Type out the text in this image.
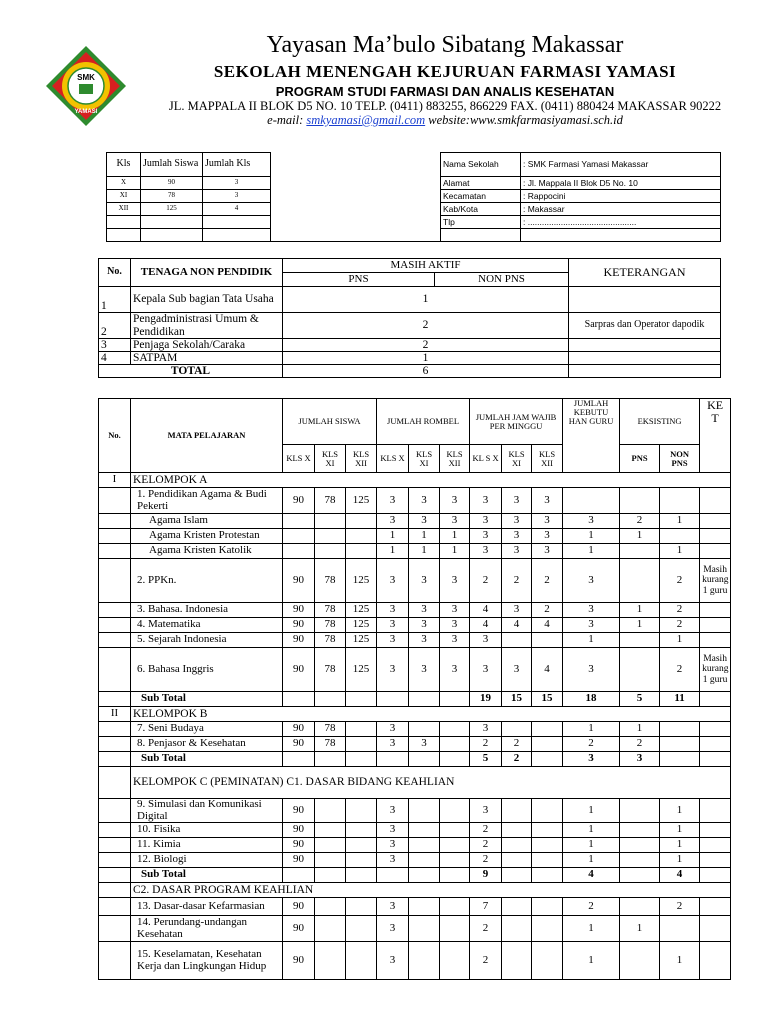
SMK
YAMASI
Yayasan Ma’bulo Sibatang Makassar
SEKOLAH MENENGAH KEJURUAN FARMASI YAMASI
PROGRAM STUDI FARMASI DAN ANALIS KESEHATAN
JL. MAPPALA II BLOK D5 NO. 10 TELP. (0411) 883255, 866229 FAX. (0411) 880424 MAKASSAR 90222
e-mail: smkyamasi@gmail.com website:www.smkfarmasiyamasi.sch.id
Kls	Jumlah Siswa	Jumlah Kls		Nama Sekolah	: SMK Farmasi Yamasi Makassar
X	90	3		Alamat	: Jl. Mappala II Blok D5 No. 10
XI	78	3		Kecamatan	: Rappocini
XII	125	4		Kab/Kota	: Makassar
				Tlp	: ..............................................

No.	TENAGA NON PENDIDIK	MASIH AKTIF		KETERANGAN
		PNS	NON PNS	
1	Kepala Sub bagian Tata Usaha	1		
2	Pengadministrasi Umum & Pendidikan	2		Sarpras dan Operator dapodik
3	Penjaga Sekolah/Caraka	2		
4	SATPAM	1		
TOTAL		6		
No.	MATA PELAJARAN	JUMLAH SISWA			JUMLAH ROMBEL			JUMLAH JAM WAJIB PER MINGGU			JUMLAH KEBUTU HAN GURU	EKSISTING		KE T
		KLS X	KLS XI	KLS XII	KLS X	KLS XI	KLS XII	KL S X	KLS XI	KLS XII		PNS	NON PNS	
I	KELOMPOK A													
	1. Pendidikan Agama & Budi Pekerti	90	78	125	3	3	3	3	3	3				
	Agama Islam				3	3	3	3	3	3	3	2	1	
	Agama Kristen Protestan				1	1	1	3	3	3	1	1		
	Agama Kristen Katolik				1	1	1	3	3	3	1		1	
	2. PPKn.	90	78	125	3	3	3	2	2	2	3		2	Masih kurang 1 guru
	3. Bahasa. Indonesia	90	78	125	3	3	3	4	3	2	3	1	2	
	4. Matematika	90	78	125	3	3	3	4	4	4	3	1	2	
	5. Sejarah Indonesia	90	78	125	3	3	3	3			1		1	
	6. Bahasa Inggris	90	78	125	3	3	3	3	3	4	3		2	Masih kurang 1 guru
	Sub Total							19	15	15	18	5	11	
II	KELOMPOK B													
	7. Seni Budaya	90	78		3			3			1	1		
	8. Penjasor & Kesehatan	90	78		3	3		2	2		2	2		
	Sub Total							5	2		3	3		
	KELOMPOK C (PEMINATAN) C1. DASAR BIDANG KEAHLIAN													
	9. Simulasi dan Komunikasi Digital	90			3			3			1		1	
	10. Fisika	90			3			2			1		1	
	11. Kimia	90			3			2			1		1	
	12. Biologi	90			3			2			1		1	
	Sub Total							9			4		4	
	C2. DASAR PROGRAM KEAHLIAN													
	13. Dasar-dasar Kefarmasian	90			3			7			2		2	
	14. Perundang-undangan Kesehatan	90			3			2			1	1		
	15. Keselamatan, Kesehatan Kerja dan Lingkungan Hidup	90			3			2			1		1	
